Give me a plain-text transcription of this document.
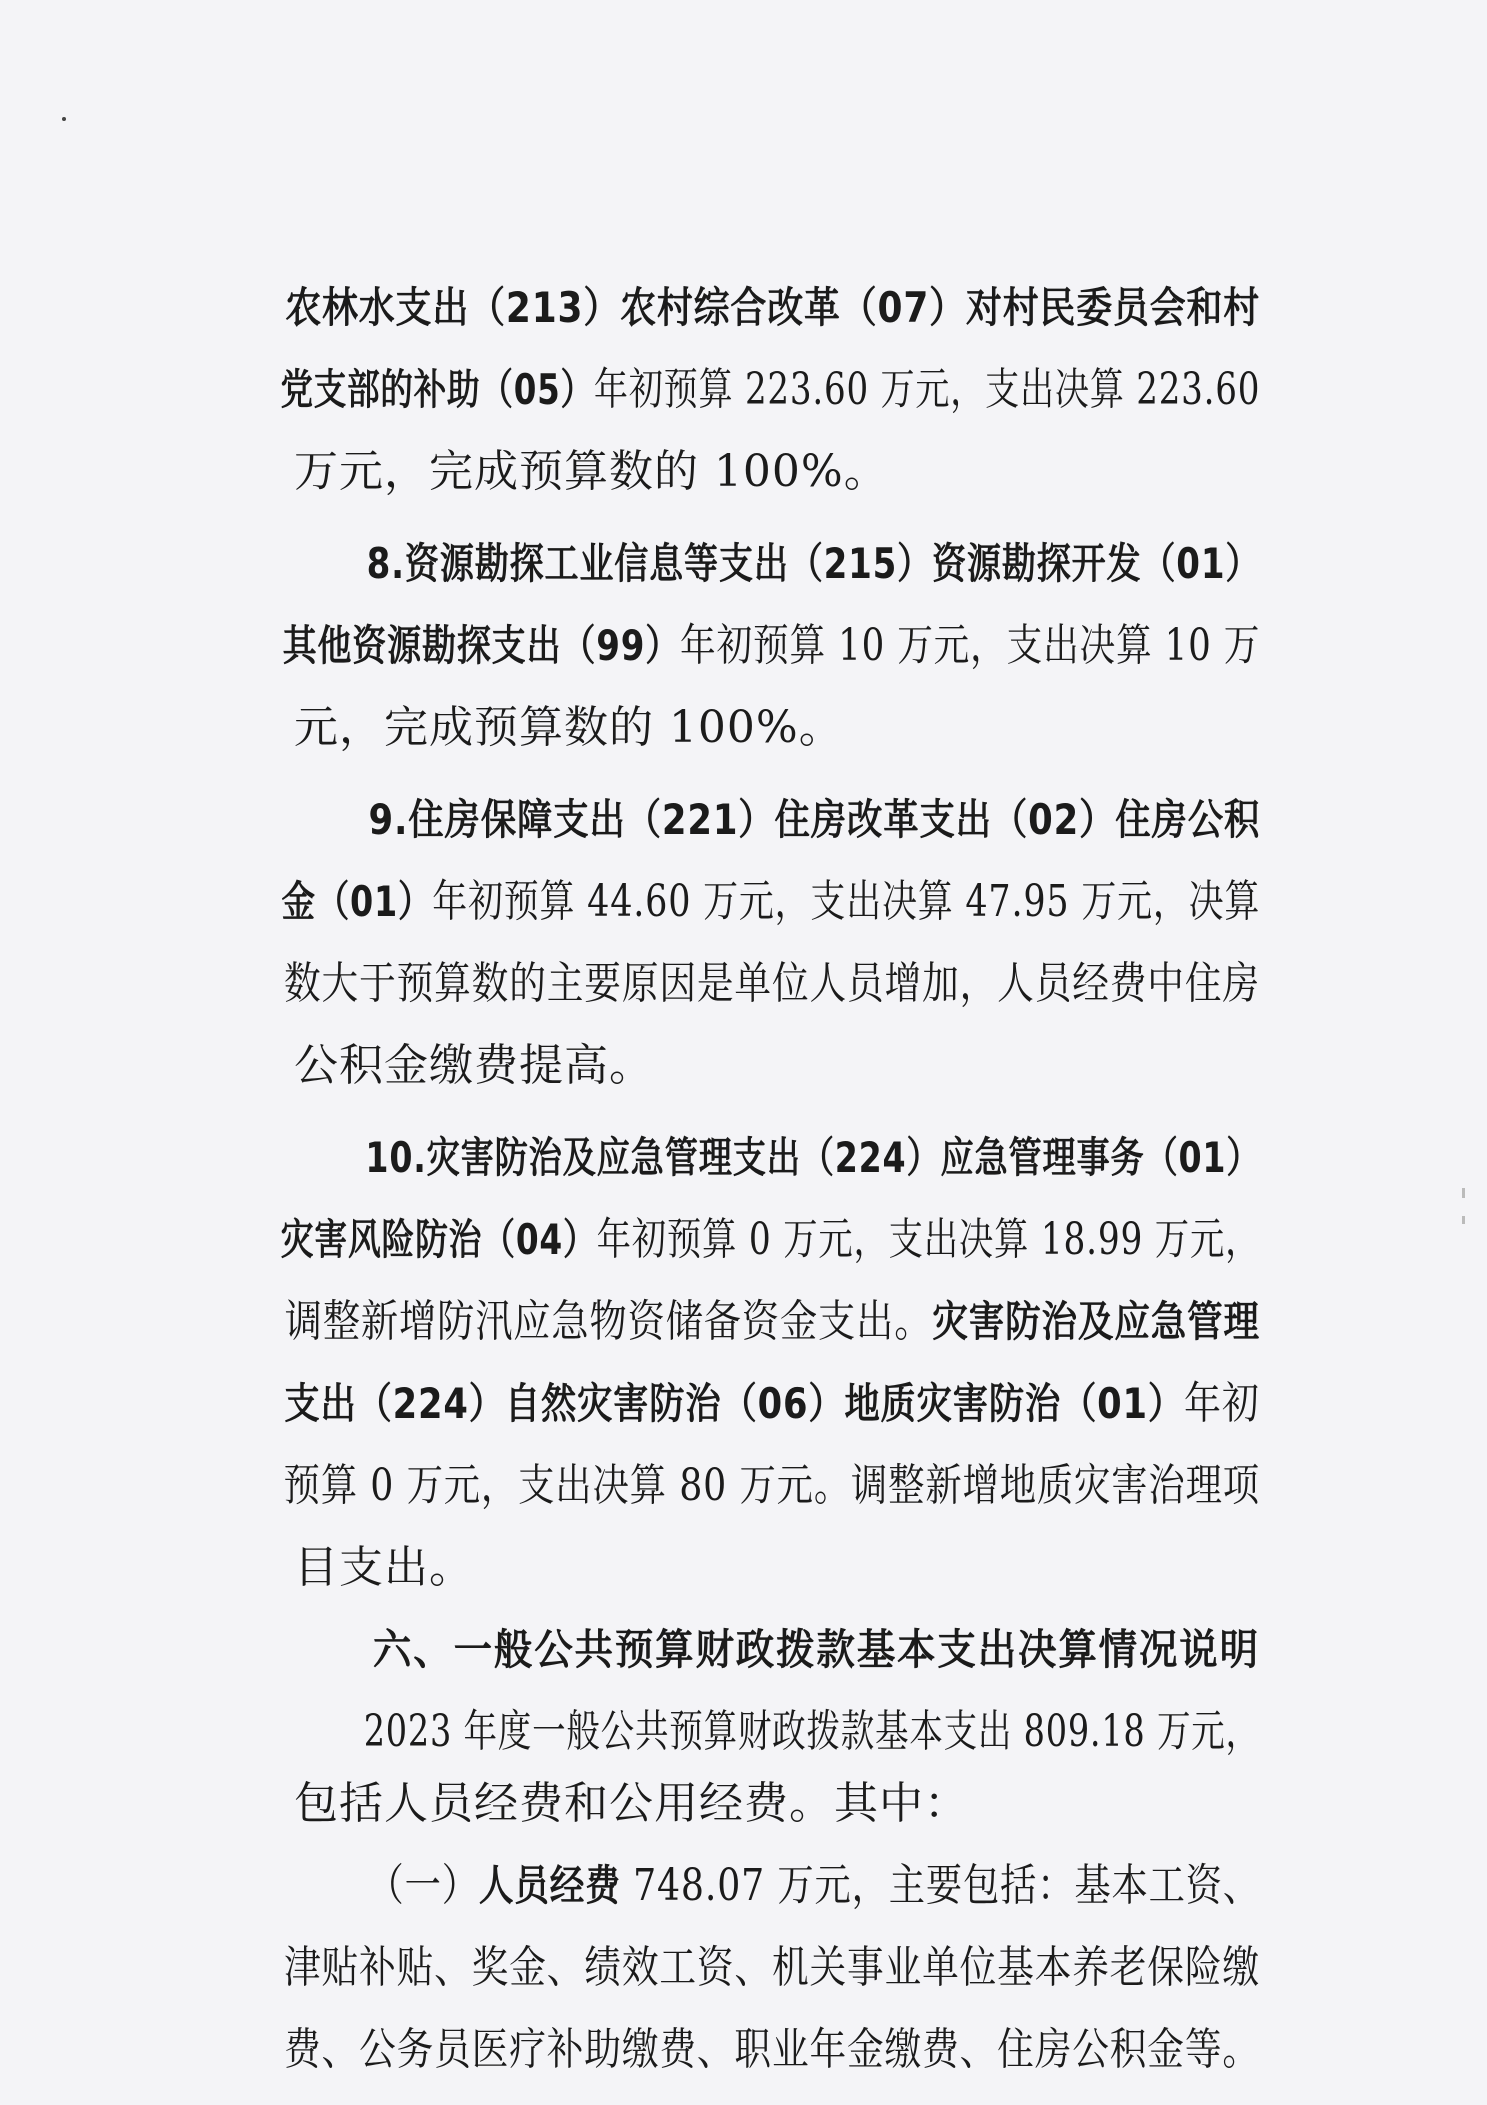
农林水支出（213）农村综合改革（07）对村民委员会和村

党支部的补助（05）年初预算 223.60 万元，支出决算 223.60

万元，完成预算数的 100%。

8.资源勘探工业信息等支出（215）资源勘探开发（01）

其他资源勘探支出（99）年初预算 10 万元，支出决算 10 万

元，完成预算数的 100%。

9.住房保障支出（221）住房改革支出（02）住房公积

金（01）年初预算 44.60 万元，支出决算 47.95 万元，决算

数大于预算数的主要原因是单位人员增加，人员经费中住房

公积金缴费提高。

10.灾害防治及应急管理支出（224）应急管理事务（01）

灾害风险防治（04）年初预算 0 万元，支出决算 18.99 万元，

调整新增防汛应急物资储备资金支出。灾害防治及应急管理

支出（224）自然灾害防治（06）地质灾害防治（01）年初

预算 0 万元，支出决算 80 万元。调整新增地质灾害治理项

目支出。

六、一般公共预算财政拨款基本支出决算情况说明

2023 年度一般公共预算财政拨款基本支出 809.18 万元，

包括人员经费和公用经费。其中：

（一）人员经费 748.07 万元，主要包括：基本工资、

津贴补贴、奖金、绩效工资、机关事业单位基本养老保险缴

费、公务员医疗补助缴费、职业年金缴费、住房公积金等。
